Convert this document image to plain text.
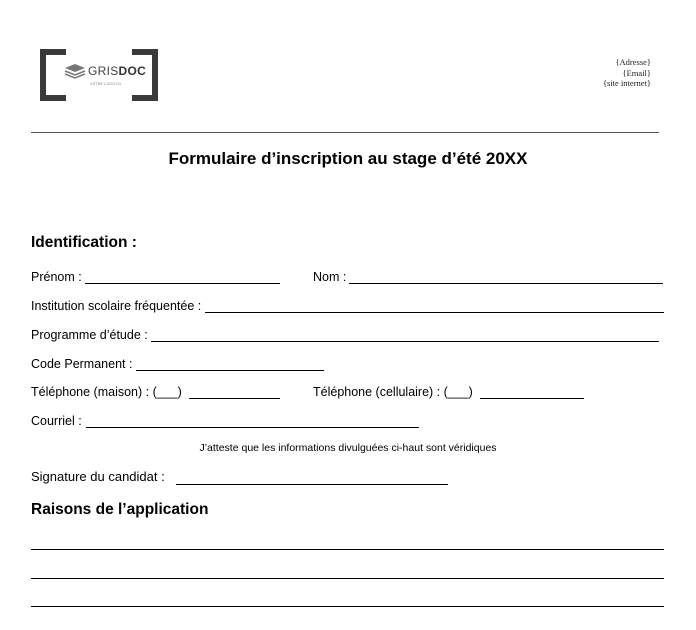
GRISDOC
VOTRE LOGO ICI
{Adresse}
{Email}
{site internet}
Formulaire d’inscription au stage d’été 20XX
Identification :
Prénom :	Nom :
Institution scolaire fréquentée :
Programme d’étude :
Code Permanent :
Téléphone (maison) : (___)	Téléphone (cellulaire) : (___)
Courriel :
J’atteste que les informations divulguées ci-haut sont véridiques
Signature du candidat :
Raisons de l’application
